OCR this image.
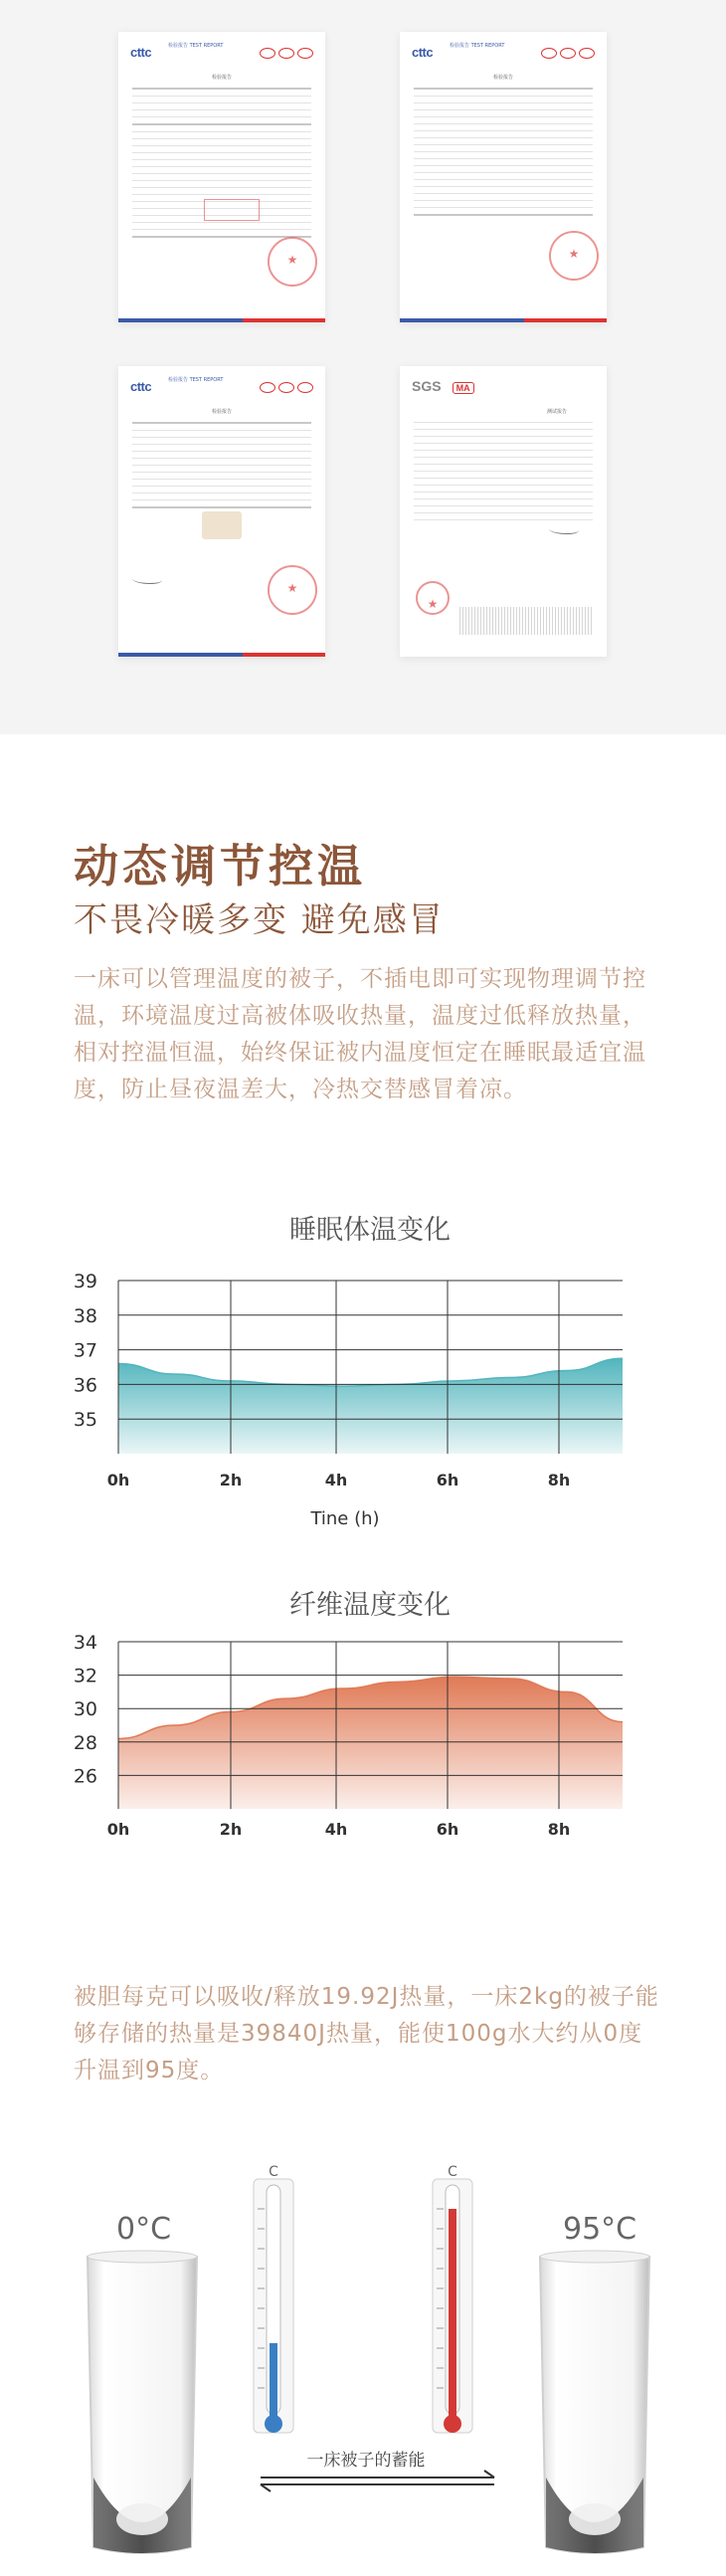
cttc	检验报告 TEST REPORT
检验报告
★
cttc	检验报告 TEST REPORT
检验报告
★
cttc	检验报告 TEST REPORT
检验报告
★
SGS MA
测试报告
★
动态调节控温
不畏冷暖多变 避免感冒
一床可以管理温度的被子，不插电即可实现物理调节控温，环境温度过高被体吸收热量，温度过低释放热量，相对控温恒温，始终保证被内温度恒定在睡眠最适宜温度，防止昼夜温差大，冷热交替感冒着凉。
睡眠体温变化
35
36
37
38
39
0h	2h	4h	6h	8h
Tine (h)
纤维温度变化
26
28
30
32
34
0h	2h	4h	6h	8h
被胆每克可以吸收/释放19.92J热量，一床2kg的被子能够存储的热量是39840J热量，能使100g水大约从0度升温到95度。
0°C	95°C
C	C
一床被子的蓄能
